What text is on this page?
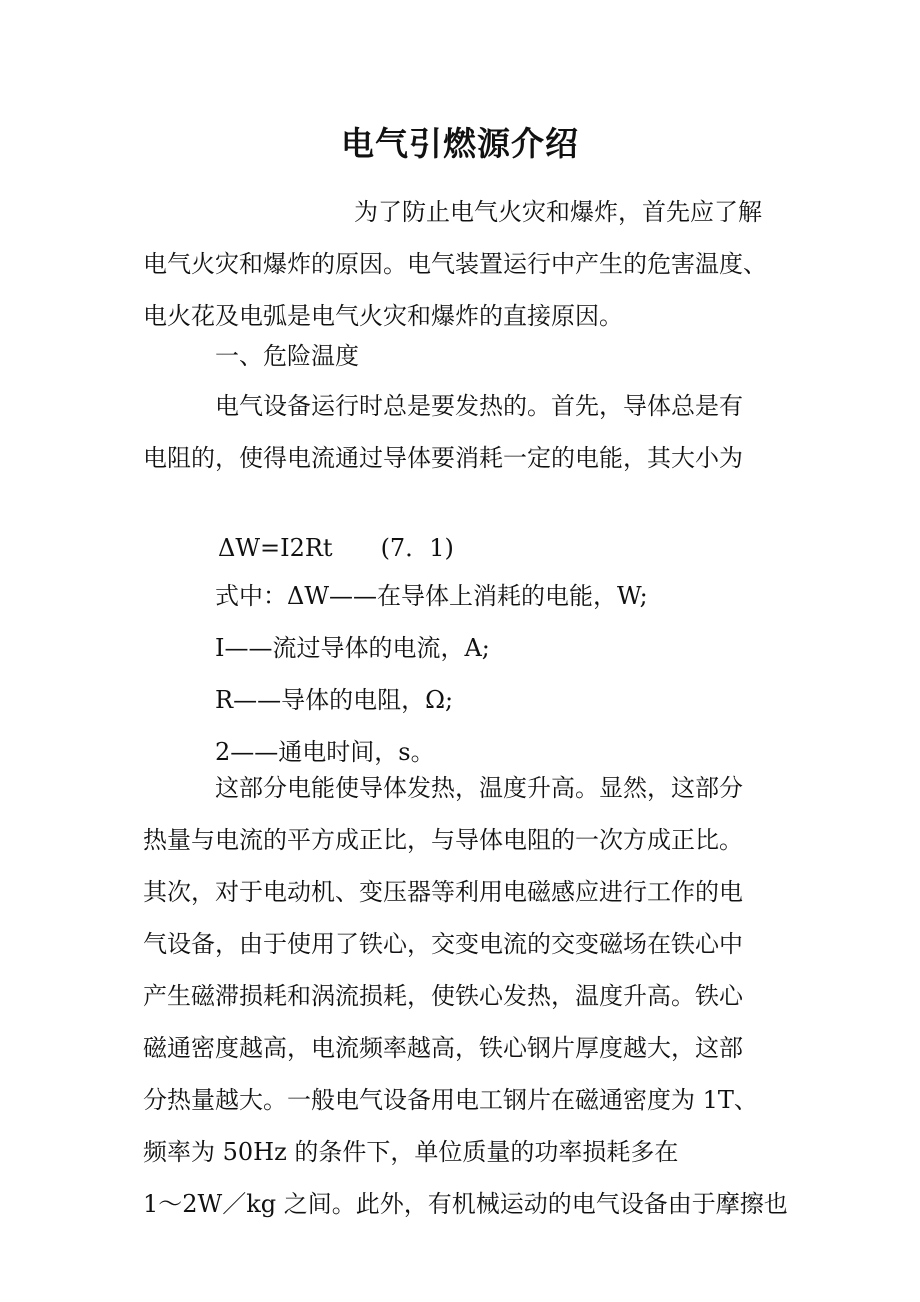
电气引燃源介绍
为了防止电气火灾和爆炸，首先应了解
电气火灾和爆炸的原因。电气装置运行中产生的危害温度、
电火花及电弧是电气火灾和爆炸的直接原因。
一、危险温度
电气设备运行时总是要发热的。首先，导体总是有
电阻的，使得电流通过导体要消耗一定的电能，其大小为
ΔW=I2Rt　　(7．1)
式中：ΔW——在导体上消耗的电能，W;
I——流过导体的电流，A;
R——导体的电阻，Ω;
2——通电时间，s。
这部分电能使导体发热，温度升高。显然，这部分
热量与电流的平方成正比，与导体电阻的一次方成正比。
其次，对于电动机、变压器等利用电磁感应进行工作的电
气设备，由于使用了铁心，交变电流的交变磁场在铁心中
产生磁滞损耗和涡流损耗，使铁心发热，温度升高。铁心
磁通密度越高，电流频率越高，铁心钢片厚度越大，这部
分热量越大。一般电气设备用电工钢片在磁通密度为 1T、
频率为 50Hz 的条件下，单位质量的功率损耗多在
1～2W／kg 之间。此外，有机械运动的电气设备由于摩擦也
